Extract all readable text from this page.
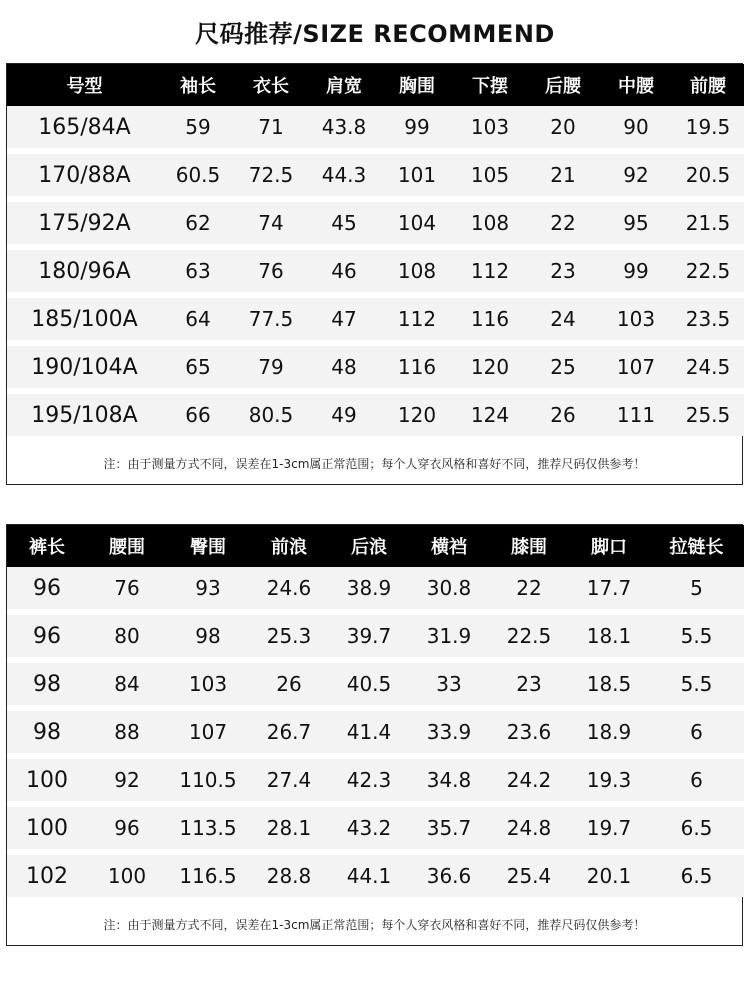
尺码推荐/SIZE RECOMMEND
号型	袖长	衣长	肩宽	胸围	下摆	后腰	中腰	前腰
165/84A	59	71	43.8	99	103	20	90	19.5
170/88A	60.5	72.5	44.3	101	105	21	92	20.5
175/92A	62	74	45	104	108	22	95	21.5
180/96A	63	76	46	108	112	23	99	22.5
185/100A	64	77.5	47	112	116	24	103	23.5
190/104A	65	79	48	116	120	25	107	24.5
195/108A	66	80.5	49	120	124	26	111	25.5
注：由于测量方式不同，误差在1-3cm属正常范围；每个人穿衣风格和喜好不同，推荐尺码仅供参考！
裤长	腰围	臀围	前浪	后浪	横裆	膝围	脚口	拉链长
96	76	93	24.6	38.9	30.8	22	17.7	5
96	80	98	25.3	39.7	31.9	22.5	18.1	5.5
98	84	103	26	40.5	33	23	18.5	5.5
98	88	107	26.7	41.4	33.9	23.6	18.9	6
100	92	110.5	27.4	42.3	34.8	24.2	19.3	6
100	96	113.5	28.1	43.2	35.7	24.8	19.7	6.5
102	100	116.5	28.8	44.1	36.6	25.4	20.1	6.5
注：由于测量方式不同，误差在1-3cm属正常范围；每个人穿衣风格和喜好不同，推荐尺码仅供参考！
